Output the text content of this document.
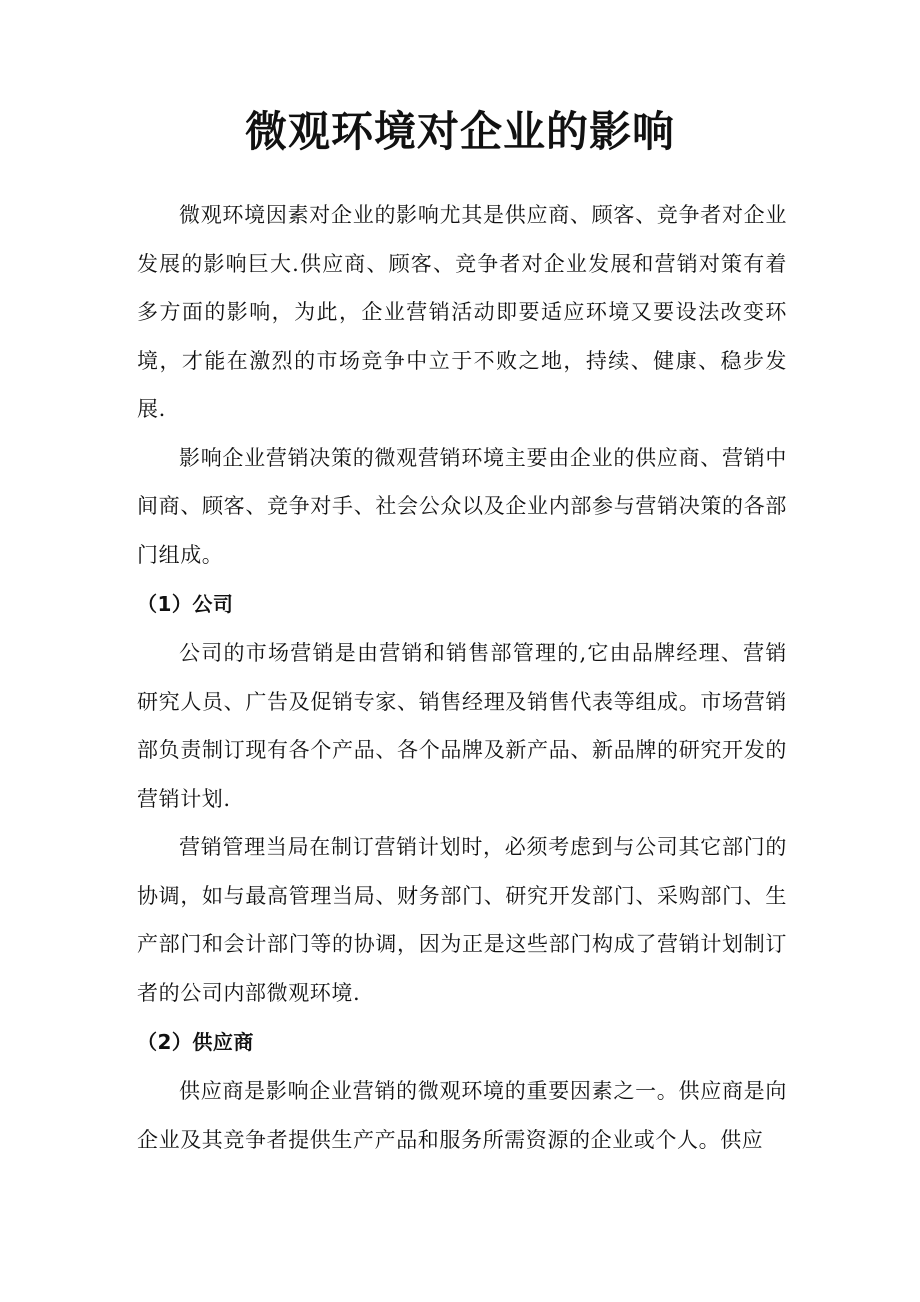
微观环境对企业的影响

微观环境因素对企业的影响尤其是供应商、顾客、竞争者对企业发展的影响巨大.供应商、顾客、竞争者对企业发展和营销对策有着多方面的影响，为此，企业营销活动即要适应环境又要设法改变环境，才能在激烈的市场竞争中立于不败之地，持续、健康、稳步发展.

影响企业营销决策的微观营销环境主要由企业的供应商、营销中间商、顾客、竞争对手、社会公众以及企业内部参与营销决策的各部门组成。

（1）公司

公司的市场营销是由营销和销售部管理的,它由品牌经理、营销研究人员、广告及促销专家、销售经理及销售代表等组成。市场营销部负责制订现有各个产品、各个品牌及新产品、新品牌的研究开发的营销计划.

营销管理当局在制订营销计划时，必须考虑到与公司其它部门的协调，如与最高管理当局、财务部门、研究开发部门、采购部门、生产部门和会计部门等的协调，因为正是这些部门构成了营销计划制订者的公司内部微观环境.

（2）供应商

供应商是影响企业营销的微观环境的重要因素之一。供应商是向企业及其竞争者提供生产产品和服务所需资源的企业或个人。供应
